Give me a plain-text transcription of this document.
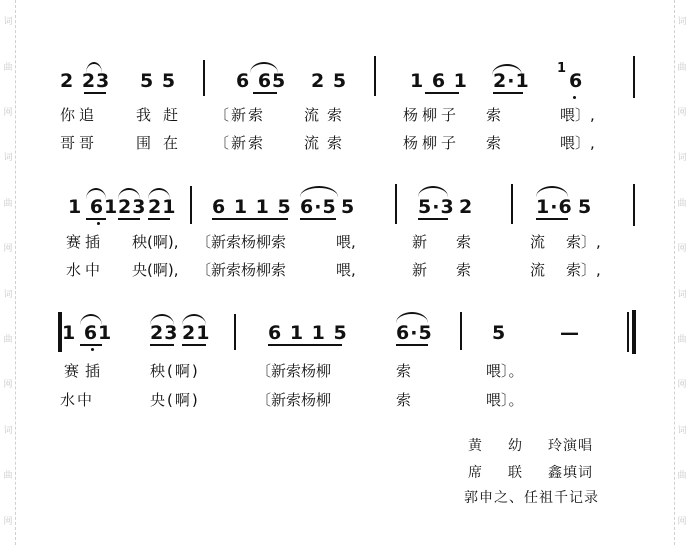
词
曲
网
词
曲
网
词
曲
网
词
曲
网
词
曲
网
词
曲
网
词
曲
网
词
曲
网
2 23 5 5	6 65 2 5	1 6 1 2·1
1
6
你追	我赶 〔新索	流索	杨柳子 索	喂〕,
哥哥	围在 〔新索	流索	杨柳子 索	喂〕,
1 61 23 21 6 1 1 5 6·5 5	5·3 2	1·6 5
赛插 秧(啊), 〔新索杨柳索	喂,	新 索	流 索〕,
水中 央(啊), 〔新索杨柳索	喂,	新 索	流 索〕,
1 61 23 21	6 1 1 5	6·5	5	—
赛插	秧(啊)	〔新索杨柳	索	喂〕。
水中	央(啊)	〔新索杨柳	索	喂〕。
黄 幼 玲演唱
席 联 鑫填词
郭申之、任祖千记录
